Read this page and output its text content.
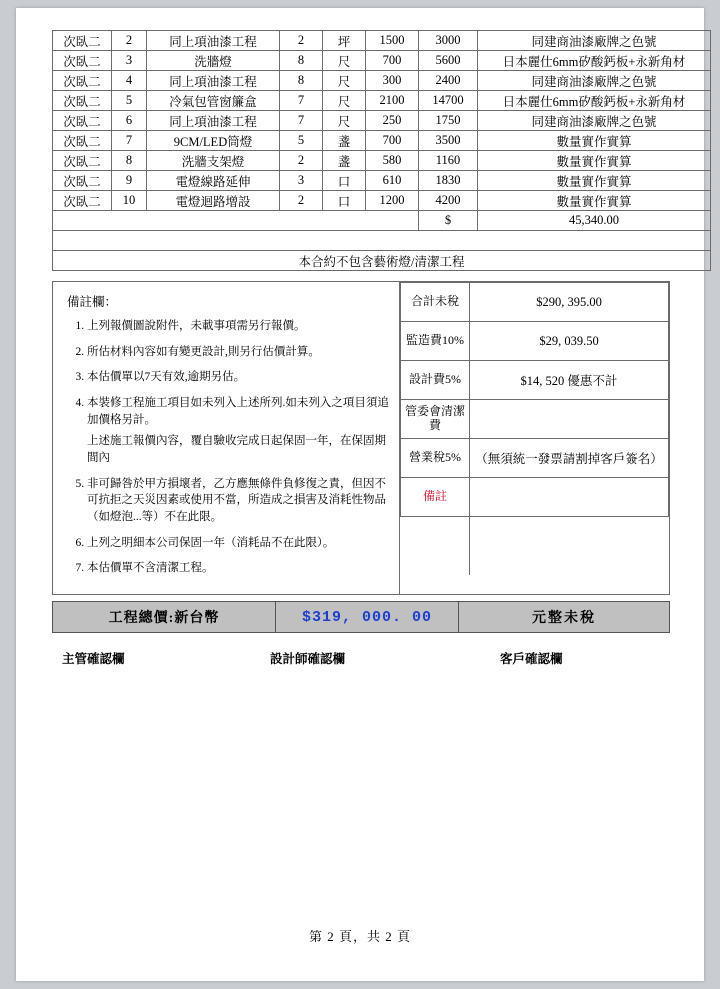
次臥二	2	同上項油漆工程	2	坪	1500	3000	同建商油漆廠牌之色號
次臥二	3	洗牆燈	8	尺	700	5600	日本麗仕6mm矽酸鈣板+永新角材
次臥二	4	同上項油漆工程	8	尺	300	2400	同建商油漆廠牌之色號
次臥二	5	冷氣包管窗簾盒	7	尺	2100	14700	日本麗仕6mm矽酸鈣板+永新角材
次臥二	6	同上項油漆工程	7	尺	250	1750	同建商油漆廠牌之色號
次臥二	7	9CM/LED筒燈	5	盞	700	3500	數量實作實算
次臥二	8	洗牆支架燈	2	盞	580	1160	數量實作實算
次臥二	9	電燈線路延伸	3	口	610	1830	數量實作實算
次臥二	10	電燈迴路增設	2	口	1200	4200	數量實作實算
						$	45,340.00

本合約不包含藝術燈/清潔工程							
備註欄：
1. 上列報價圖說附件，未載事項需另行報價。
2. 所估材料內容如有變更設計,則另行估價計算。
3. 本估價單以7天有效,逾期另估。
4. 本裝修工程施工項目如未列入上述所列.如未列入之項目須追加價格另計。
上述施工報價內容，覆自驗收完成日起保固一年，在保固期間內
5. 非可歸咎於甲方損壞者，乙方應無條件負修復之責，但因不可抗拒之天災因素或使用不當，所造成之損害及消耗性物品（如燈泡...等）不在此限。
6. 上列之明細本公司保固一年（消耗品不在此限）。
7. 本估價單不含清潔工程。

合計未稅	$290, 395.00
監造費10%	$29, 039.50
設計費5%	$14, 520 優惠不計
管委會清潔費	
營業稅5%	（無須統一發票請割掉客戶簽名）
備註	

工程總價:新台幣	$319, 000. 00	元整未稅
主管確認欄	設計師確認欄	客戶確認欄
第 2 頁，共 2 頁
